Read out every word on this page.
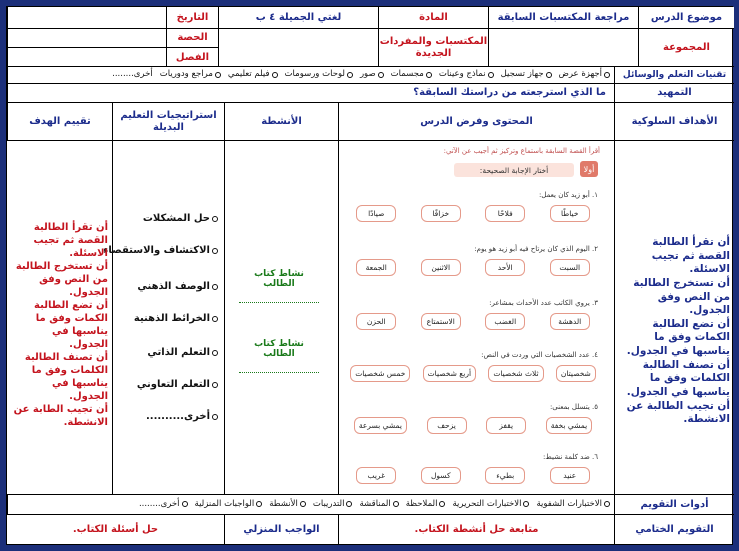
موضوع الدرس
مراجعة المكتسبات السابقة
المادة
لغتي الجميلة ٤ ب
التاريخ
المجموعة
المكتسبات والمفردات الجديدة
الحصة
الفصل
تقنيات التعلم والوسائل
أجهزة عرض
جهاز تسجيل
نماذج وعينات
مجسمات
صور
لوحات ورسومات
فيلم تعليمي
مراجع ودوريات
أخرى........
التمهيد
ما الذي استرجعته من دراستك السابقة؟
الأهداف السلوكية
المحتوى وفرض الدرس
الأنشطة
استراتيجيات التعليم البديلة
تقييم الهدف
أن تقرأ الطالبة القصة ثم تجيب الاسئلة.
أن تستخرج الطالبة من النص وفق الجدول.
أن تضع الطالبة الكمات وفق ما يناسبها في الجدول.
أن تصنف الطالبة الكلمات وفق ما يناسبها في الجدول.
أن تجيب الطالبة عن الانشطة.
نشاط كتاب الطالب
نشاط كتاب الطالب
حل المشكلات
الاكتشاف والاستقصاء
الوصف الذهني
الخرائط الذهنية
التعلم الذاتي
التعلم التعاوني
أخرى..........
أن تقرأ الطالبة القصة ثم تجيب الاسئلة.
أن تستخرج الطالبة من النص وفق الجدول.
أن تضع الطالبة الكمات وفق ما يناسبها في الجدول.
أن تصنف الطالبة الكلمات وفق ما يناسبها في الجدول.
أن تجيب الطابة عن الانشطة.
أقرأ القصة السابقة باستماع وتركيز ثم أجيب عن الآتي:
أولا
أختار الإجابة الصحيحة:
١. أبو زيد كان يعمل:
خياطًا
فلاحًا
خزافًا
صيادًا
٢. اليوم الذي كان يرتاح فيه أبو زيد هو يوم:
السبت
الأحد
الاثنين
الجمعة
٣. يروي الكاتب عدد الأحداث بمشاعر:
الدهشة
الغضب
الاستمتاع
الحزن
٤. عدد الشخصيات التي وردت في النص:
شخصيتان
ثلاث شخصيات
أربع شخصيات
خمس شخصيات
٥. يتسلل بمعنى:
يمشي بخفة
يقفز
يزحف
يمشي بسرعة
٦. ضد كلمة نشيط:
عنيد
بطيء
كسول
غريب
أدوات التقويم
الاختبارات الشفوية
الاختبارات التحريرية
الملاحظة
المناقشة
التدريبات
الأنشطة
الواجبات المنزلية
أخرى........
التقويم الختامي
متابعة حل أنشطة الكتاب.
الواجب المنزلي
حل أسئلة الكتاب.
